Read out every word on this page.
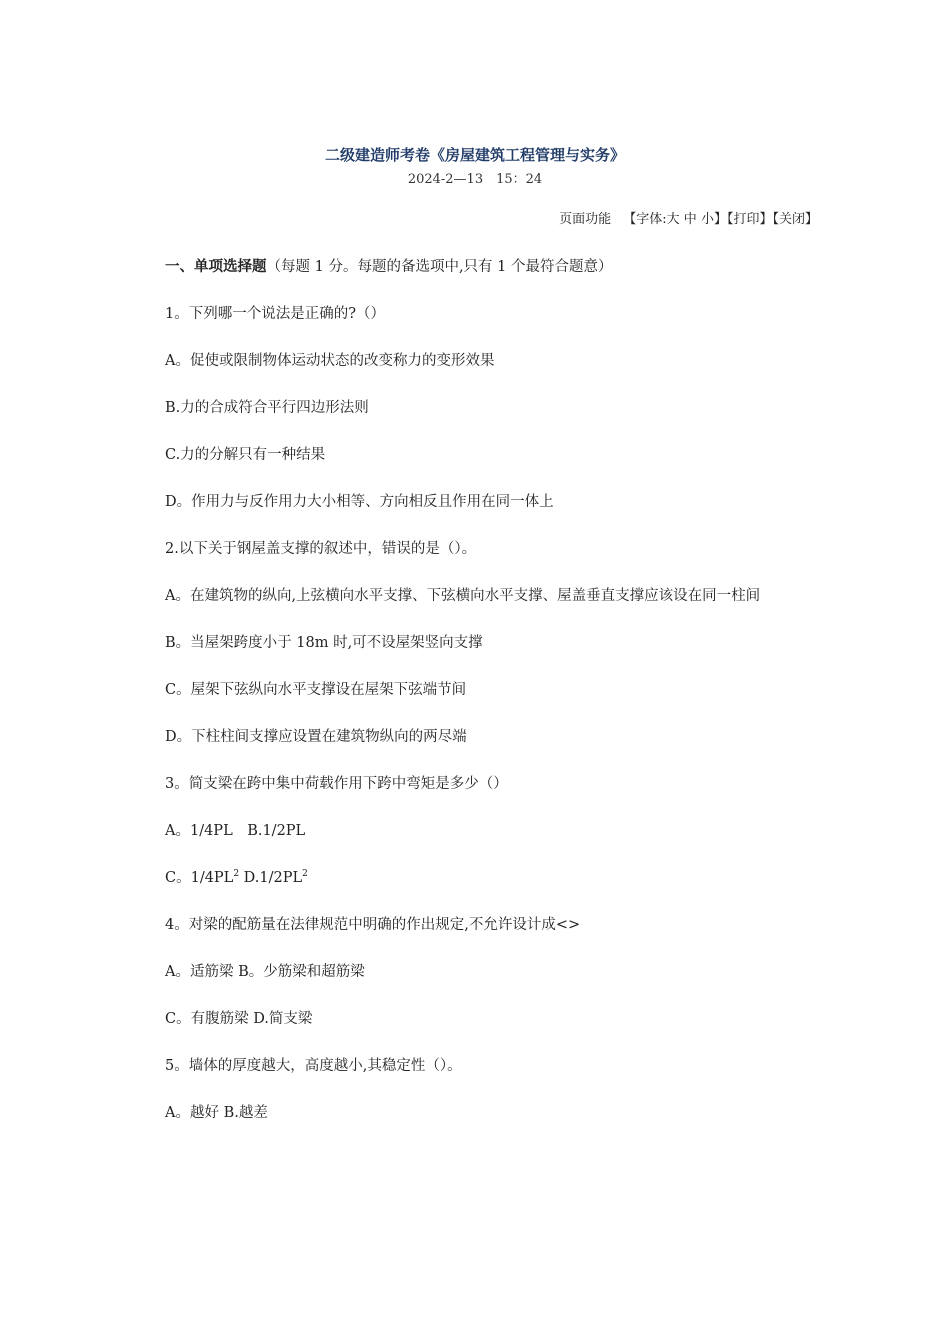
二级建造师考卷《房屋建筑工程管理与实务》
2024-2—13　15：24
页面功能 【字体:大 中 小】【打印】【关闭】

一、单项选择题（每题 1 分。每题的备选项中,只有 1 个最符合题意）

1。下列哪一个说法是正确的?（）

A。促使或限制物体运动状态的改变称力的变形效果

B.力的合成符合平行四边形法则

C.力的分解只有一种结果

D。作用力与反作用力大小相等、方向相反且作用在同一体上

2.以下关于钢屋盖支撑的叙述中，错误的是（）。

A。在建筑物的纵向,上弦横向水平支撑、下弦横向水平支撑、屋盖垂直支撑应该设在同一柱间

B。当屋架跨度小于 18m 时,可不设屋架竖向支撑

C。屋架下弦纵向水平支撑设在屋架下弦端节间

D。下柱柱间支撑应设置在建筑物纵向的两尽端

3。简支梁在跨中集中荷载作用下跨中弯矩是多少（）

A。1/4PL　B.1/2PL

C。$1/4PL^2$ $D.1/2PL^2$

4。对梁的配筋量在法律规范中明确的作出规定,不允许设计成<>

A。适筋梁 B。少筋梁和超筋梁

C。有腹筋梁 D.简支梁

5。墙体的厚度越大，高度越小,其稳定性（）。

A。越好 B.越差
